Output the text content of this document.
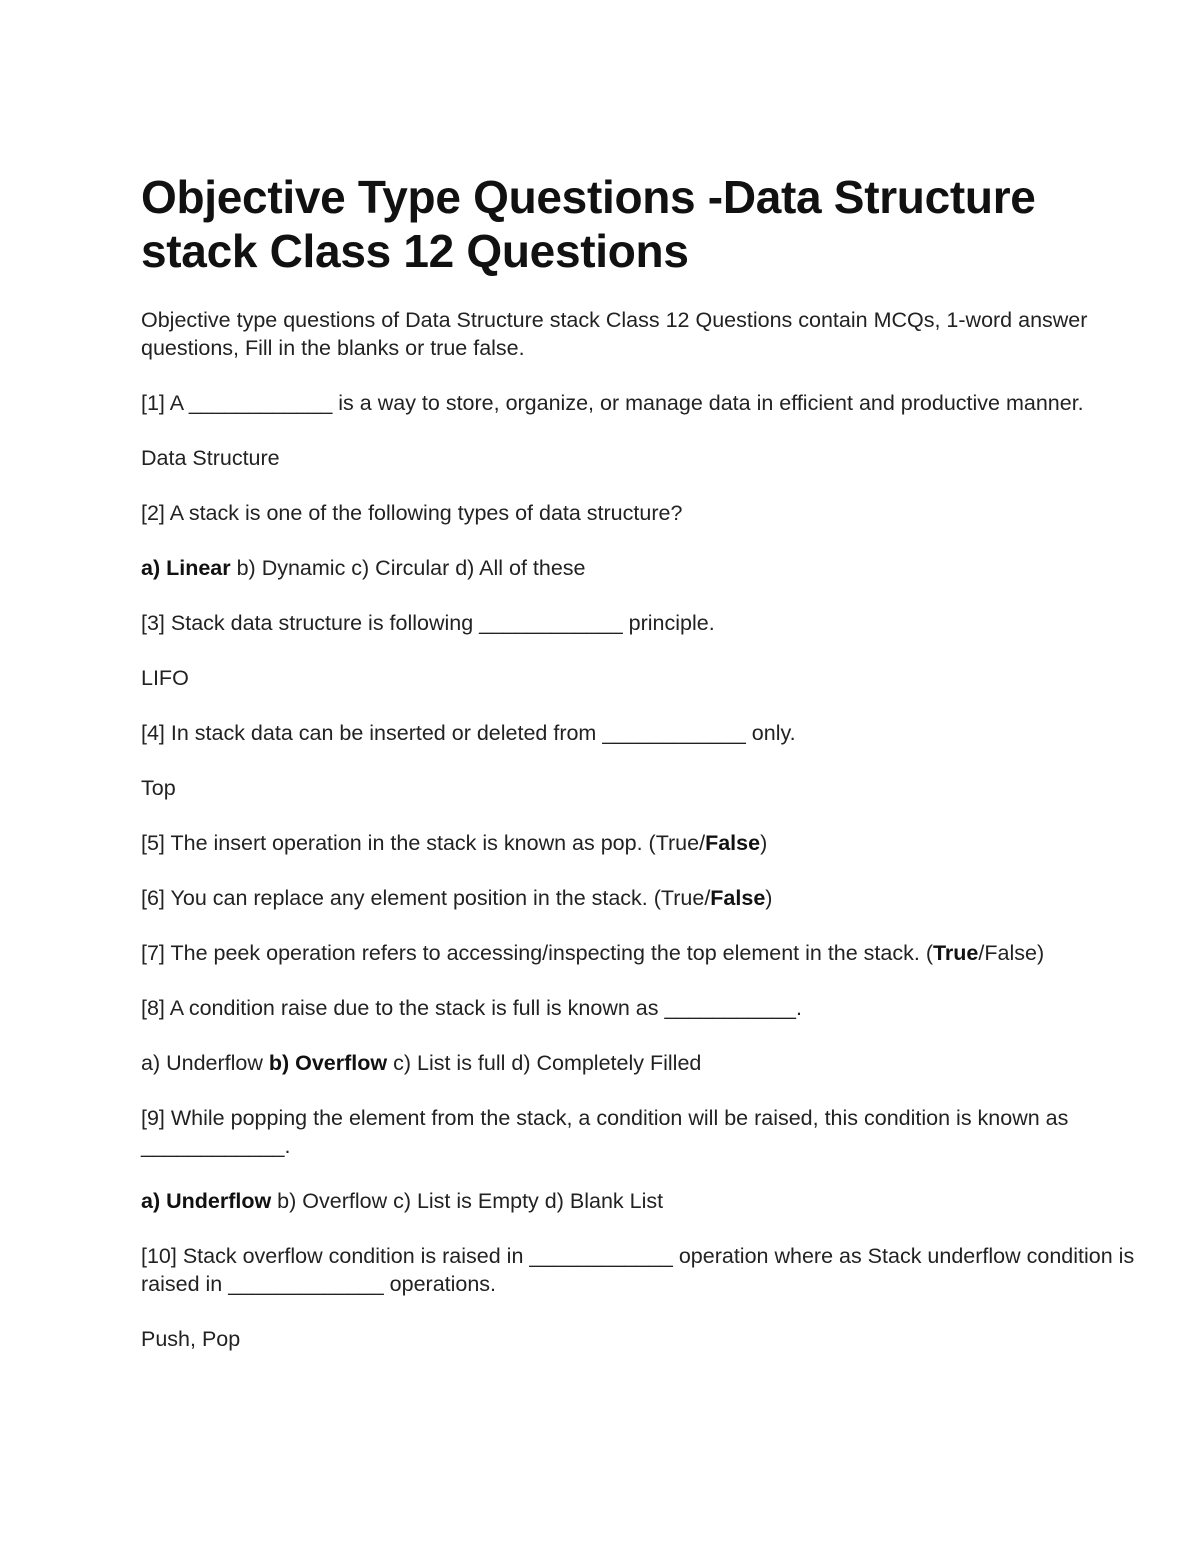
Objective Type Questions -Data Structure stack Class 12 Questions

Objective type questions of Data Structure stack Class 12 Questions contain MCQs, 1-word answer questions, Fill in the blanks or true false.

[1] A ____________ is a way to store, organize, or manage data in efficient and productive manner.

Data Structure

[2] A stack is one of the following types of data structure?

a) Linear b) Dynamic c) Circular d) All of these

[3] Stack data structure is following ____________ principle.

LIFO

[4] In stack data can be inserted or deleted from ____________ only.

Top

[5] The insert operation in the stack is known as pop. (True/False)

[6] You can replace any element position in the stack. (True/False)

[7] The peek operation refers to accessing/inspecting the top element in the stack. (True/False)

[8] A condition raise due to the stack is full is known as ___________.

a) Underflow b) Overflow c) List is full d) Completely Filled

[9] While popping the element from the stack, a condition will be raised, this condition is known as ____________.

a) Underflow b) Overflow c) List is Empty d) Blank List

[10] Stack overflow condition is raised in ____________ operation where as Stack underflow condition is raised in _____________ operations.

Push, Pop
